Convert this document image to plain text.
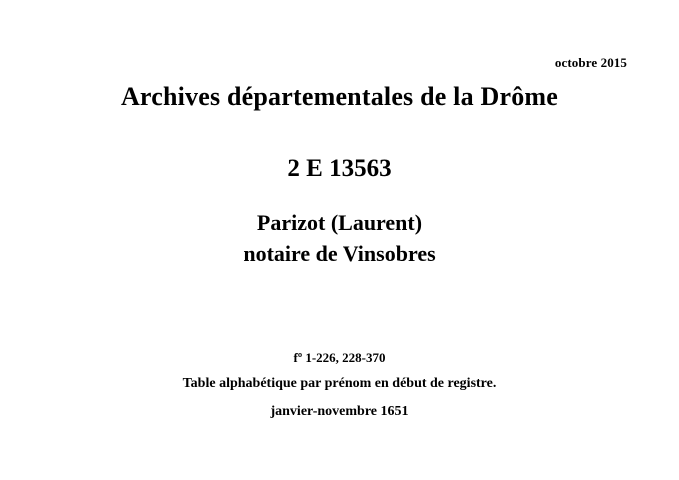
octobre 2015
Archives départementales de la Drôme
2 E 13563
Parizot (Laurent)
notaire de Vinsobres
fº 1-226, 228-370
Table alphabétique par prénom en début de registre.
janvier-novembre 1651
